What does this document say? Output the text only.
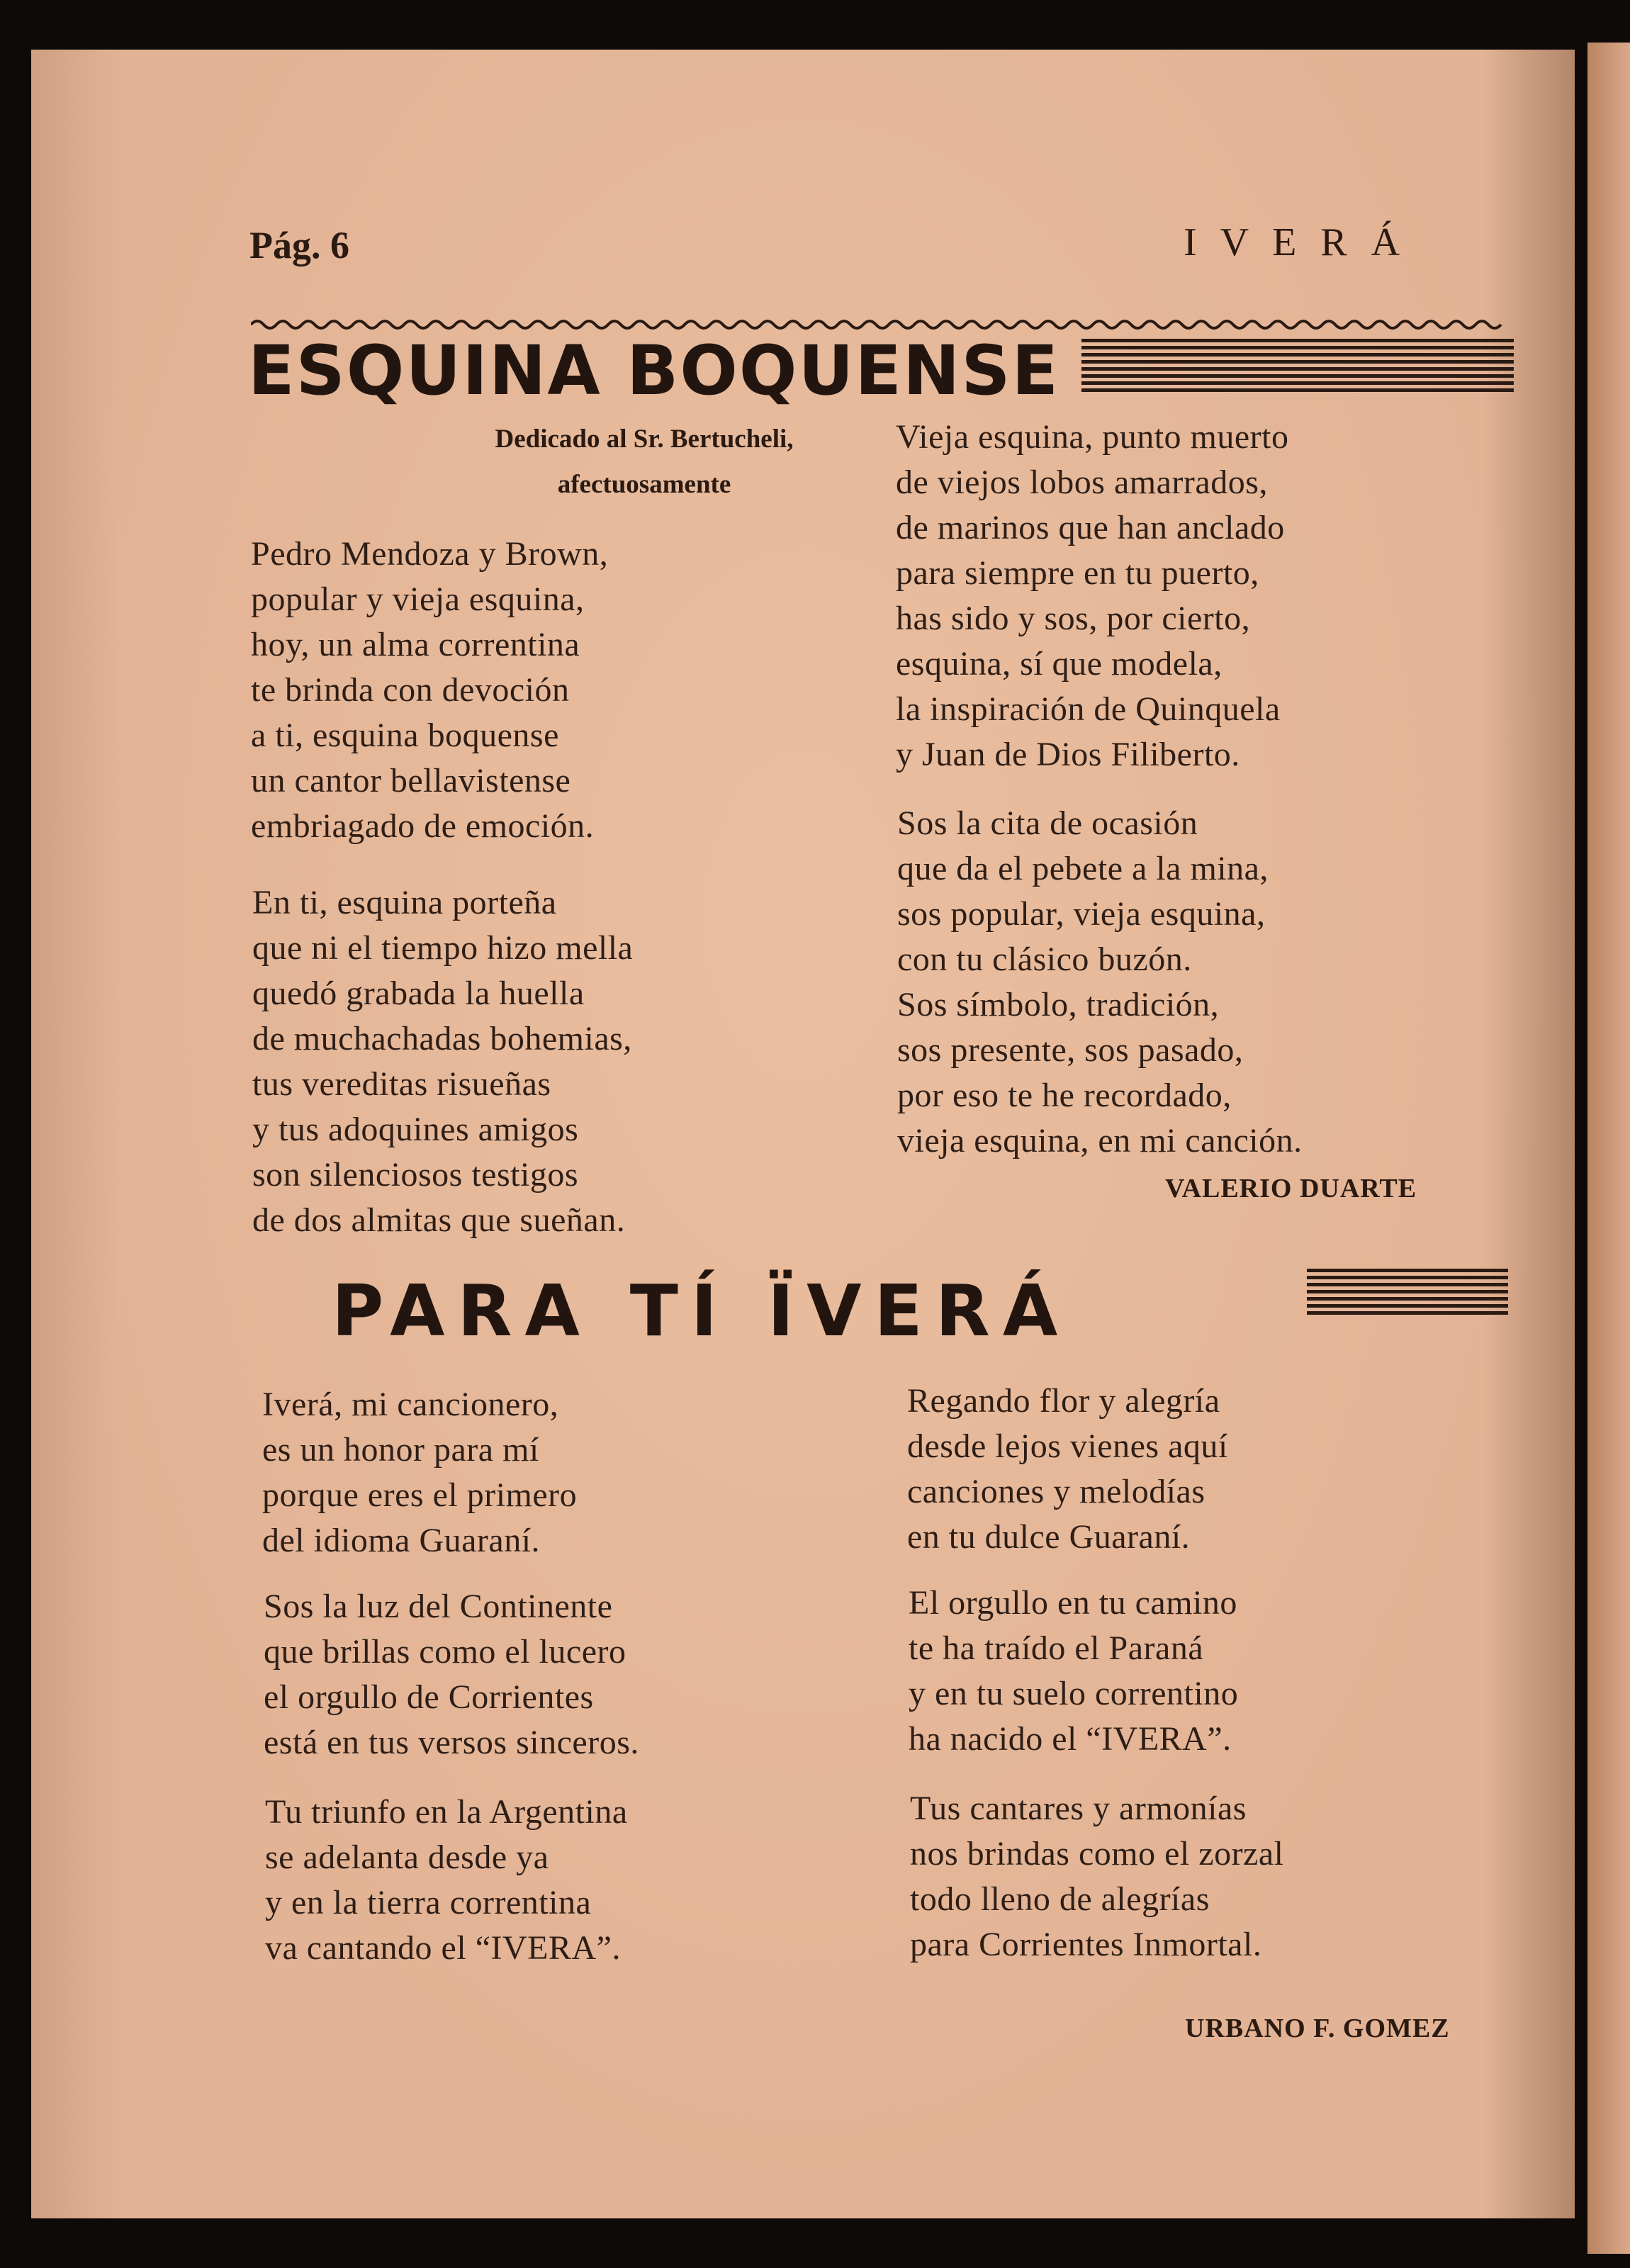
Pág. 6	I V E R Á
ESQUINA BOQUENSE
Dedicado al Sr. Bertucheli,
afectuosamente
Pedro Mendoza y Brown,
popular y vieja esquina,
hoy, un alma correntina
te brinda con devoción
a ti, esquina boquense
un cantor bellavistense
embriagado de emoción.
En ti, esquina porteña
que ni el tiempo hizo mella
quedó grabada la huella
de muchachadas bohemias,
tus vereditas risueñas
y tus adoquines amigos
son silenciosos testigos
de dos almitas que sueñan.
Vieja esquina, punto muerto
de viejos lobos amarrados,
de marinos que han anclado
para siempre en tu puerto,
has sido y sos, por cierto,
esquina, sí que modela,
la inspiración de Quinquela
y Juan de Dios Filiberto.
Sos la cita de ocasión
que da el pebete a la mina,
sos popular, vieja esquina,
con tu clásico buzón.
Sos símbolo, tradición,
sos presente, sos pasado,
por eso te he recordado,
vieja esquina, en mi canción.
VALERIO DUARTE
PARA TÍ ÏVERÁ
Iverá, mi cancionero,
es un honor para mí
porque eres el primero
del idioma Guaraní.
Sos la luz del Continente
que brillas como el lucero
el orgullo de Corrientes
está en tus versos sinceros.
Tu triunfo en la Argentina
se adelanta desde ya
y en la tierra correntina
va cantando el “IVERA”.
Regando flor y alegría
desde lejos vienes aquí
canciones y melodías
en tu dulce Guaraní.
El orgullo en tu camino
te ha traído el Paraná
y en tu suelo correntino
ha nacido el “IVERA”.
Tus cantares y armonías
nos brindas como el zorzal
todo lleno de alegrías
para Corrientes Inmortal.
URBANO F. GOMEZ
